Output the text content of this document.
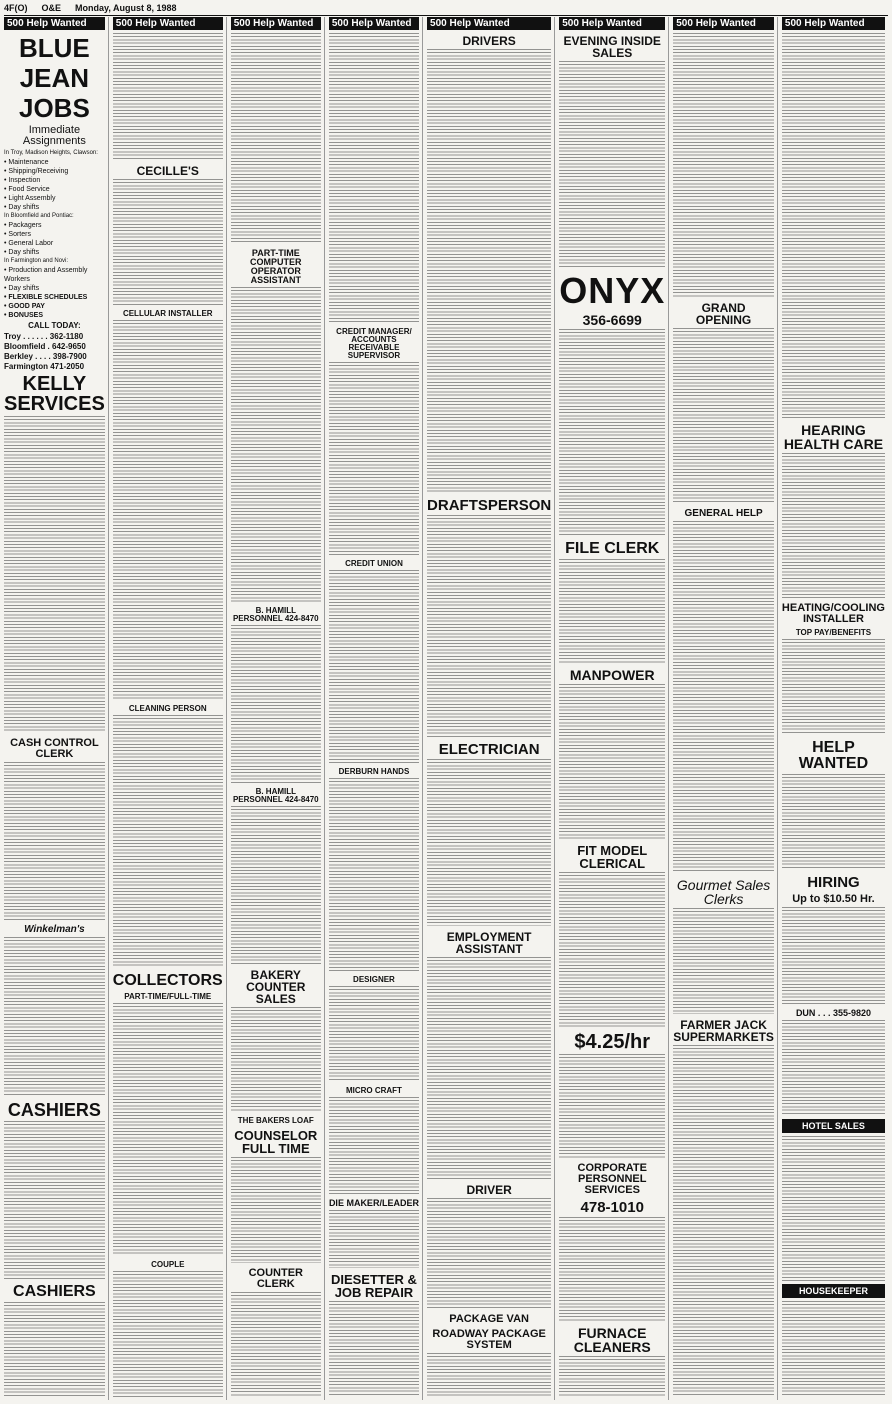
4F(O) O&E Monday, August 8, 1988
500 Help Wanted
BLUE
JEAN
JOBS
Immediate Assignments
In Troy, Madison Heights, Clawson:
• Maintenance
• Shipping/Receiving
• Inspection
• Food Service
• Light Assembly
• Day shifts
In Bloomfield and Pontiac:
• Packagers
• Sorters
• General Labor
• Day shifts
In Farmington and Novi:
• Production and Assembly Workers
• Day shifts
• FLEXIBLE SCHEDULES
• GOOD PAY
• BONUSES
CALL TODAY:
Troy . . . . . . 362-1180
Bloomfield . 642-9650
Berkley . . . . 398-7900
Farmington 471-2050
KELLY SERVICES
CASH CONTROL CLERK
Winkelman's
CASHIERS
CASHIERS
500 Help Wanted
CECILLE'S
CELLULAR INSTALLER
CLEANING PERSON
COLLECTORS
PART-TIME/FULL-TIME
COUPLE
500 Help Wanted
PART-TIME COMPUTER OPERATOR ASSISTANT
B. HAMILL PERSONNEL 424-8470
B. HAMILL PERSONNEL 424-8470
BAKERY COUNTER SALES
THE BAKERS LOAF
COUNSELOR FULL TIME
COUNTER CLERK
500 Help Wanted
CREDIT MANAGER/ ACCOUNTS RECEIVABLE SUPERVISOR
CREDIT UNION
DERBURN HANDS
DESIGNER
MICRO CRAFT
DIE MAKER/LEADER
DIESETTER & JOB REPAIR
500 Help Wanted
DRIVERS
DRAFTSPERSON
ELECTRICIAN
EMPLOYMENT ASSISTANT
DRIVER
PACKAGE VAN
ROADWAY PACKAGE SYSTEM
500 Help Wanted
EVENING INSIDE SALES
ONYX
356-6699
FILE CLERK
MANPOWER
FIT MODEL CLERICAL
$4.25/hr
CORPORATE PERSONNEL SERVICES
478-1010
FURNACE CLEANERS
500 Help Wanted
GRAND OPENING
GENERAL HELP
Gourmet Sales Clerks
FARMER JACK SUPERMARKETS
500 Help Wanted
HEARING HEALTH CARE
HEATING/COOLING INSTALLER
TOP PAY/BENEFITS
HELP WANTED
HIRING
Up to $10.50 Hr.
DUN . . . 355-9820
HOTEL SALES
HOUSEKEEPER
